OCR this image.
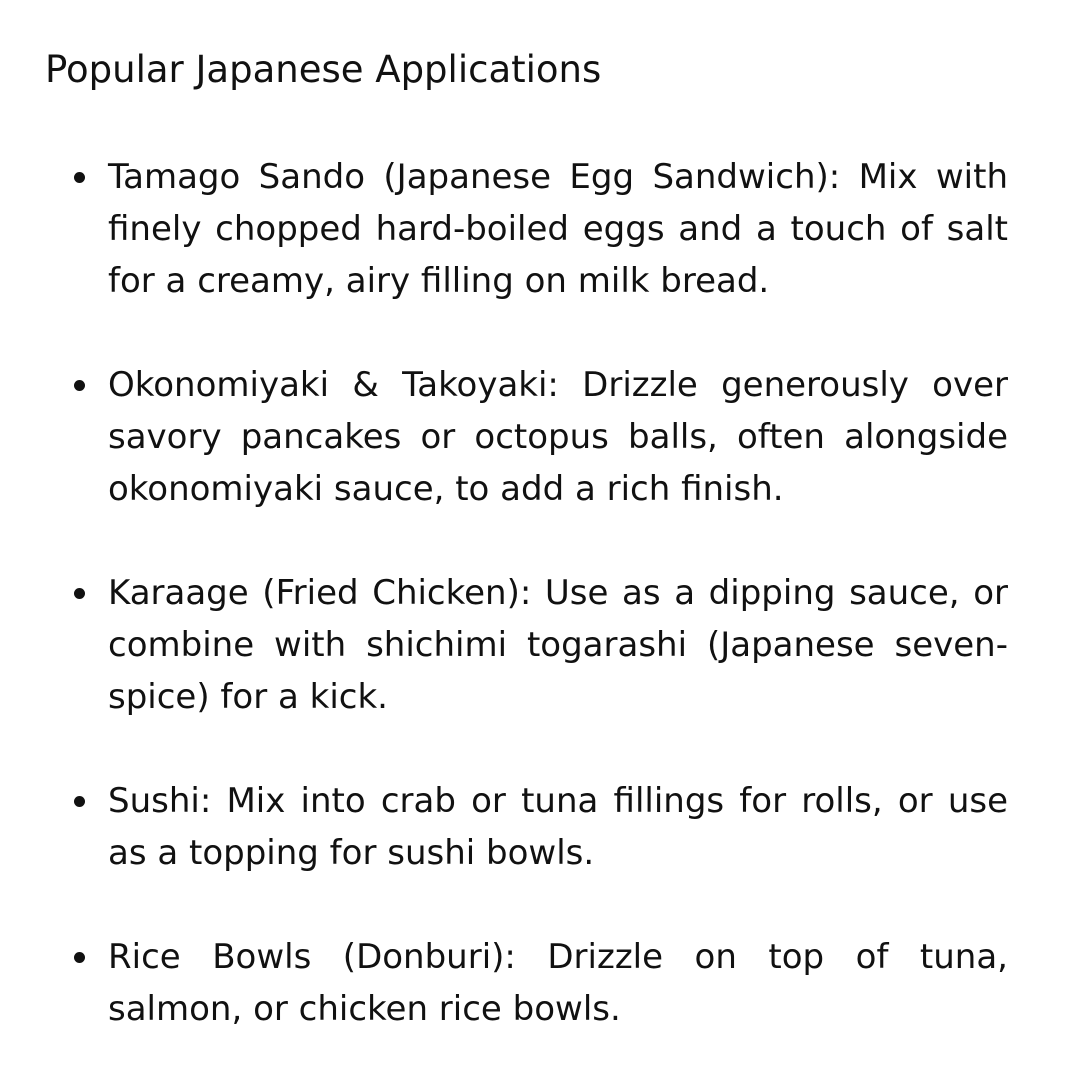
Popular Japanese Applications
Tamago Sando (Japanese Egg Sandwich): Mix with finely chopped hard-boiled eggs and a touch of salt for a creamy, airy filling on milk bread.
Okonomiyaki & Takoyaki: Drizzle generously over savory pancakes or octopus balls, often alongside okonomiyaki sauce, to add a rich finish.
Karaage (Fried Chicken): Use as a dipping sauce, or combine with shichimi togarashi (Japanese seven-spice) for a kick.
Sushi: Mix into crab or tuna fillings for rolls, or use as a topping for sushi bowls.
Rice Bowls (Donburi): Drizzle on top of tuna, salmon, or chicken rice bowls.
